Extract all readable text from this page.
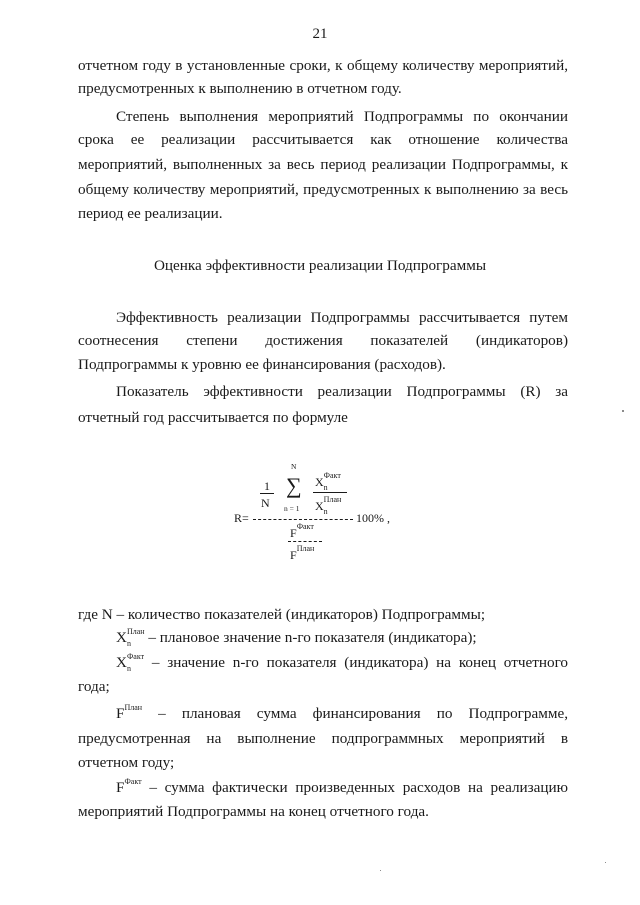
21
отчетном году в установленные сроки, к общему количеству мероприятий,
предусмотренных к выполнению в отчетном году.
Степень выполнения мероприятий Подпрограммы по окончании
срока ее реализации рассчитывается как отношение количества
мероприятий, выполненных за весь период реализации Подпрограммы, к
общему количеству мероприятий, предусмотренных к выполнению за весь
период ее реализации.
Оценка эффективности реализации Подпрограммы
Эффективность реализации Подпрограммы рассчитывается путем
соотнесения степени достижения показателей (индикаторов)
Подпрограммы к уровню ее финансирования (расходов).
Показатель эффективности реализации Подпрограммы (R) за
отчетный год рассчитывается по формуле
1
N
N
∑
n = 1
$X_n^{Факт}$
$X_n^{План}$
R=	100% ,
$F^{Факт}$
$F^{План}$
где N – количество показателей (индикаторов) Подпрограммы;
$X_n^{План}$ – плановое значение n-го показателя (индикатора);
$X_n^{Факт}$ – значение n-го показателя (индикатора) на конец отчетного
года;
$F^{План}$ – плановая сумма финансирования по Подпрограмме,
предусмотренная на выполнение подпрограммных мероприятий в
отчетном году;
$F^{Факт}$ – сумма фактически произведенных расходов на реализацию
мероприятий Подпрограммы на конец отчетного года.
